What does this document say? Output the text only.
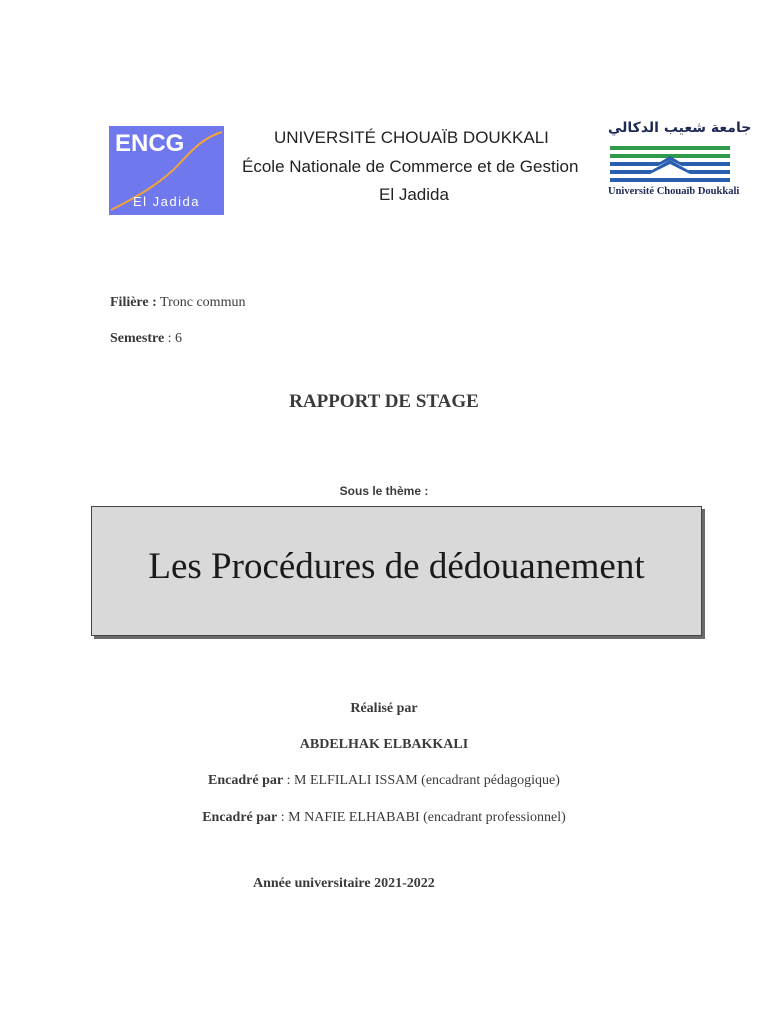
ENCG
El Jadida
UNIVERSITÉ CHOUAÏB DOUKKALI
École Nationale de Commerce et de Gestion
El Jadida
جامعة شعيب الدكالي
Université Chouaïb Doukkali
Filière : Tronc commun
Semestre : 6
RAPPORT DE STAGE
Sous le thème :
Les Procédures de dédouanement
Réalisé par
ABDELHAK ELBAKKALI
Encadré par : M ELFILALI ISSAM (encadrant pédagogique)
Encadré par : M NAFIE ELHABABI (encadrant professionnel)
Année universitaire 2021-2022
